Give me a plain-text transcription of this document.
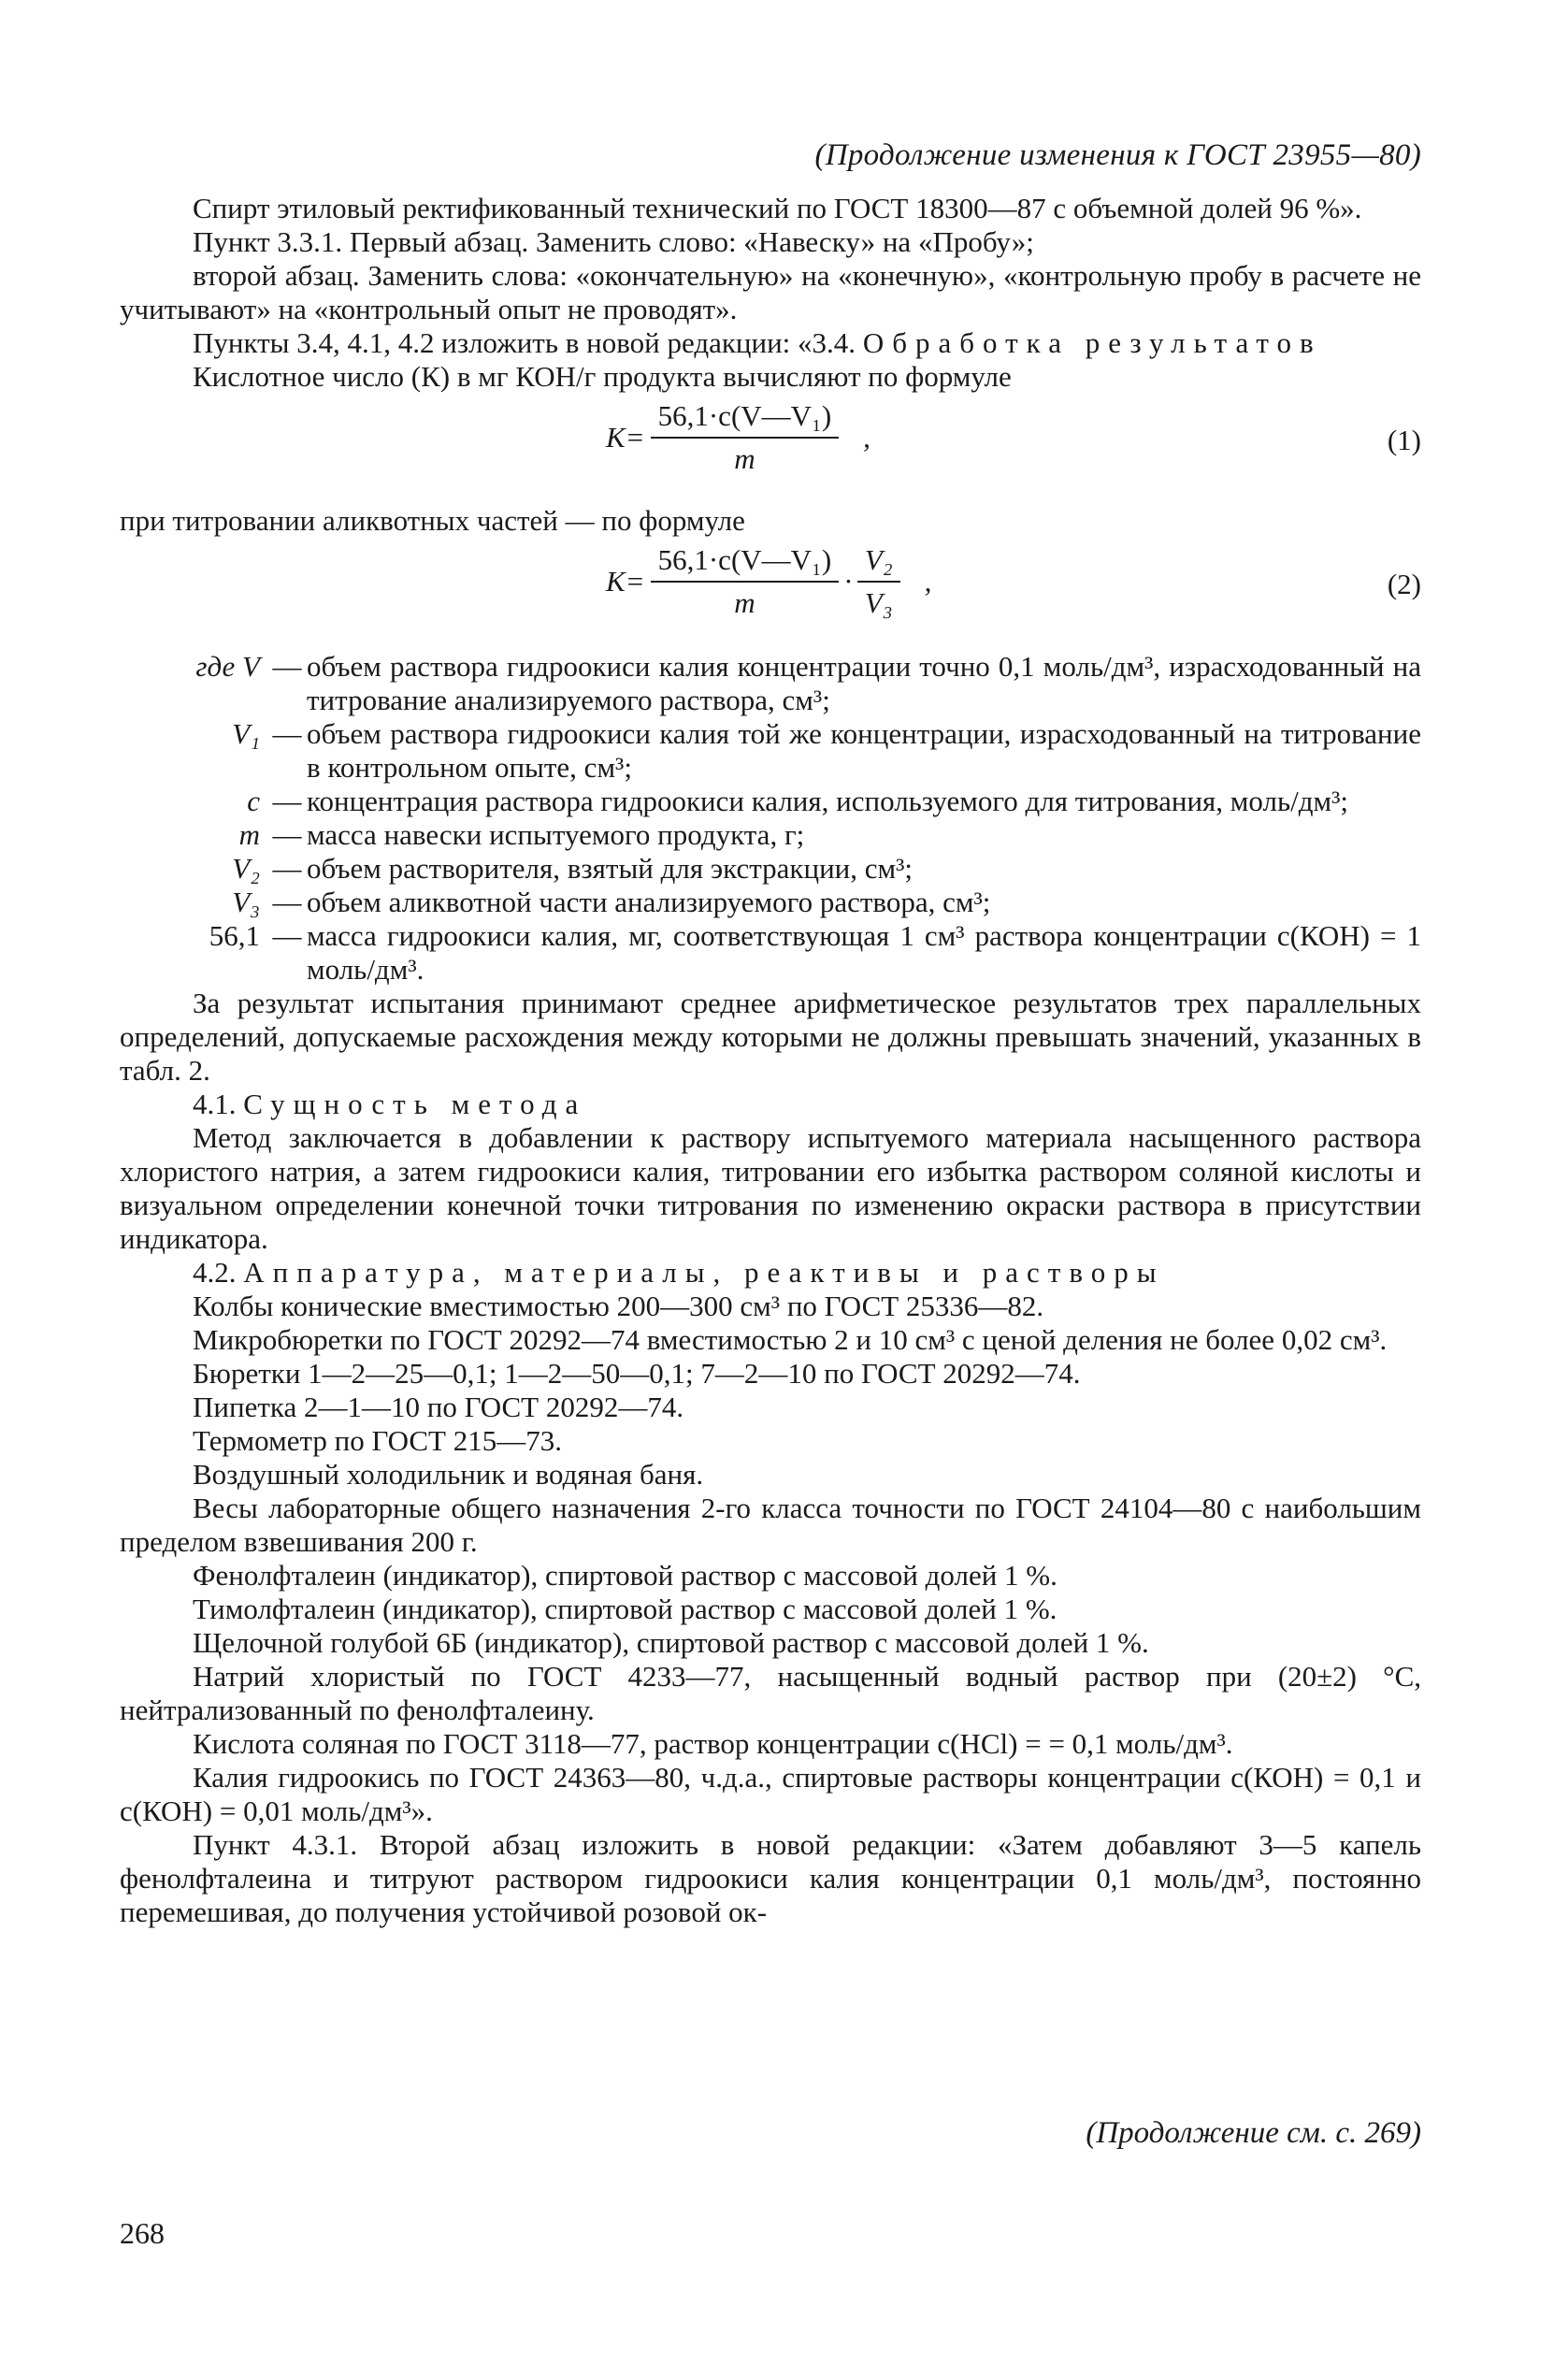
(Продолжение изменения к ГОСТ 23955—80)

Спирт этиловый ректификованный технический по ГОСТ 18300—87 с объемной долей 96 %».

Пункт 3.3.1. Первый абзац. Заменить слово: «Навеску» на «Пробу»;

второй абзац. Заменить слова: «окончательную» на «конечную», «контрольную пробу в расчете не учитывают» на «контрольный опыт не проводят».

Пункты 3.4, 4.1, 4.2 изложить в новой редакции: «3.4. Обработка результатов

Кислотное число (К) в мг КОН/г продукта вычисляют по формуле

$K= \frac{\text{56,1·c(V—V₁)}}{m}$ ,	(1)

при титровании аликвотных частей — по формуле

$K= \frac{\text{56,1·c(V—V₁)}}{m} \cdot \frac{\text{V₂}}{\text{V₃}}$ ,	(2)
где V — объем раствора гидроокиси калия концентрации точно 0,1 моль/дм³, израсходованный на титрование анализируемого раствора, см³;
V₁ — объем раствора гидроокиси калия той же концентрации, израсходованный на титрование в контрольном опыте, см³;
c — концентрация раствора гидроокиси калия, используемого для титрования, моль/дм³;
m — масса навески испытуемого продукта, г;
V₂ — объем растворителя, взятый для экстракции, см³;
V₃ — объем аликвотной части анализируемого раствора, см³;
56,1 — масса гидроокиси калия, мг, соответствующая 1 см³ раствора концентрации c(КОН) = 1 моль/дм³.

За результат испытания принимают среднее арифметическое результатов трех параллельных определений, допускаемые расхождения между которыми не должны превышать значений, указанных в табл. 2.

4.1. Сущность метода

Метод заключается в добавлении к раствору испытуемого материала насыщенного раствора хлористого натрия, а затем гидроокиси калия, титровании его избытка раствором соляной кислоты и визуальном определении конечной точки титрования по изменению окраски раствора в присутствии индикатора.

4.2. Аппаратура, материалы, реактивы и растворы

Колбы конические вместимостью 200—300 см³ по ГОСТ 25336—82.

Микробюретки по ГОСТ 20292—74 вместимостью 2 и 10 см³ с ценой деления не более 0,02 см³.

Бюретки 1—2—25—0,1; 1—2—50—0,1; 7—2—10 по ГОСТ 20292—74.

Пипетка 2—1—10 по ГОСТ 20292—74.

Термометр по ГОСТ 215—73.

Воздушный холодильник и водяная баня.

Весы лабораторные общего назначения 2-го класса точности по ГОСТ 24104—80 с наибольшим пределом взвешивания 200 г.

Фенолфталеин (индикатор), спиртовой раствор с массовой долей 1 %.

Тимолфталеин (индикатор), спиртовой раствор с массовой долей 1 %.

Щелочной голубой 6Б (индикатор), спиртовой раствор с массовой долей 1 %.

Натрий хлористый по ГОСТ 4233—77, насыщенный водный раствор при (20±2) °С, нейтрализованный по фенолфталеину.

Кислота соляная по ГОСТ 3118—77, раствор концентрации c(HCl) = = 0,1 моль/дм³.

Калия гидроокись по ГОСТ 24363—80, ч.д.а., спиртовые растворы концентрации c(КОН) = 0,1 и c(КОН) = 0,01 моль/дм³».

Пункт 4.3.1. Второй абзац изложить в новой редакции: «Затем добавляют 3—5 капель фенолфталеина и титруют раствором гидроокиси калия концентрации 0,1 моль/дм³, постоянно перемешивая, до получения устойчивой розовой ок-

(Продолжение см. с. 269)
268
